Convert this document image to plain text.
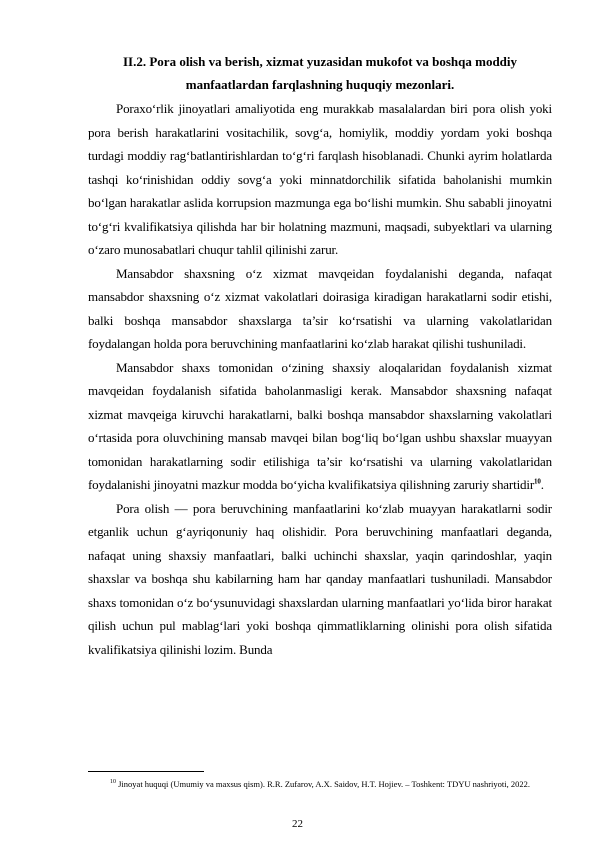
II.2. Pora olish va berish, xizmat yuzasidan mukofot va boshqa moddiy
manfaatlardan farqlashning huquqiy mezonlari.

Poraxo‘rlik jinoyatlari amaliyotida eng murakkab masalalardan biri pora olish yoki pora berish harakatlarini vositachilik, sovg‘a, homiylik, moddiy yordam yoki boshqa turdagi moddiy rag‘batlantirishlardan to‘g‘ri farqlash hisoblanadi. Chunki ayrim holatlarda tashqi ko‘rinishidan oddiy sovg‘a yoki minnatdorchilik sifatida baholanishi mumkin bo‘lgan harakatlar aslida korrupsion mazmunga ega bo‘lishi mumkin. Shu sababli jinoyatni to‘g‘ri kvalifikatsiya qilishda har bir holatning mazmuni, maqsadi, subyektlari va ularning o‘zaro munosabatlari chuqur tahlil qilinishi zarur.

Mansabdor shaxsning o‘z xizmat mavqeidan foydalanishi deganda, nafaqat mansabdor shaxsning o‘z xizmat vakolatlari doirasiga kiradigan harakatlarni sodir etishi, balki boshqa mansabdor shaxslarga ta’sir ko‘rsatishi va ularning vakolatlaridan foydalangan holda pora beruvchining manfaatlarini ko‘zlab harakat qilishi tushuniladi.

Mansabdor shaxs tomonidan o‘zining shaxsiy aloqalaridan foydalanish xizmat mavqeidan foydalanish sifatida baholanmasligi kerak. Mansabdor shaxsning nafaqat xizmat mavqeiga kiruvchi harakatlarni, balki boshqa mansabdor shaxslarning vakolatlari o‘rtasida pora oluvchining mansab mavqei bilan bog‘liq bo‘lgan ushbu shaxslar muayyan tomonidan harakatlarning sodir etilishiga ta’sir ko‘rsatishi va ularning vakolatlaridan foydalanishi jinoyatni mazkur modda bo‘yicha kvalifikatsiya qilishning zaruriy shartidir$^{10}$.

Pora olish — pora beruvchining manfaatlarini ko‘zlab muayyan harakatlarni sodir etganlik uchun g‘ayriqonuniy haq olishidir. Pora beruvchining manfaatlari deganda, nafaqat uning shaxsiy manfaatlari, balki uchinchi shaxslar, yaqin qarindoshlar, yaqin shaxslar va boshqa shu kabilarning ham har qanday manfaatlari tushuniladi. Mansabdor shaxs tomonidan o‘z bo‘ysunuvidagi shaxslardan ularning manfaatlari yo‘lida biror harakat qilish uchun pul mablag‘lari yoki boshqa qimmatliklarning olinishi pora olish sifatida kvalifikatsiya qilinishi lozim. Bunda

$^{10}$ Jinoyat huquqi (Umumiy va maxsus qism). R.R. Zufarov, A.X. Saidov, H.T. Hojiev. – Toshkent: TDYU nashriyoti, 2022.

22
